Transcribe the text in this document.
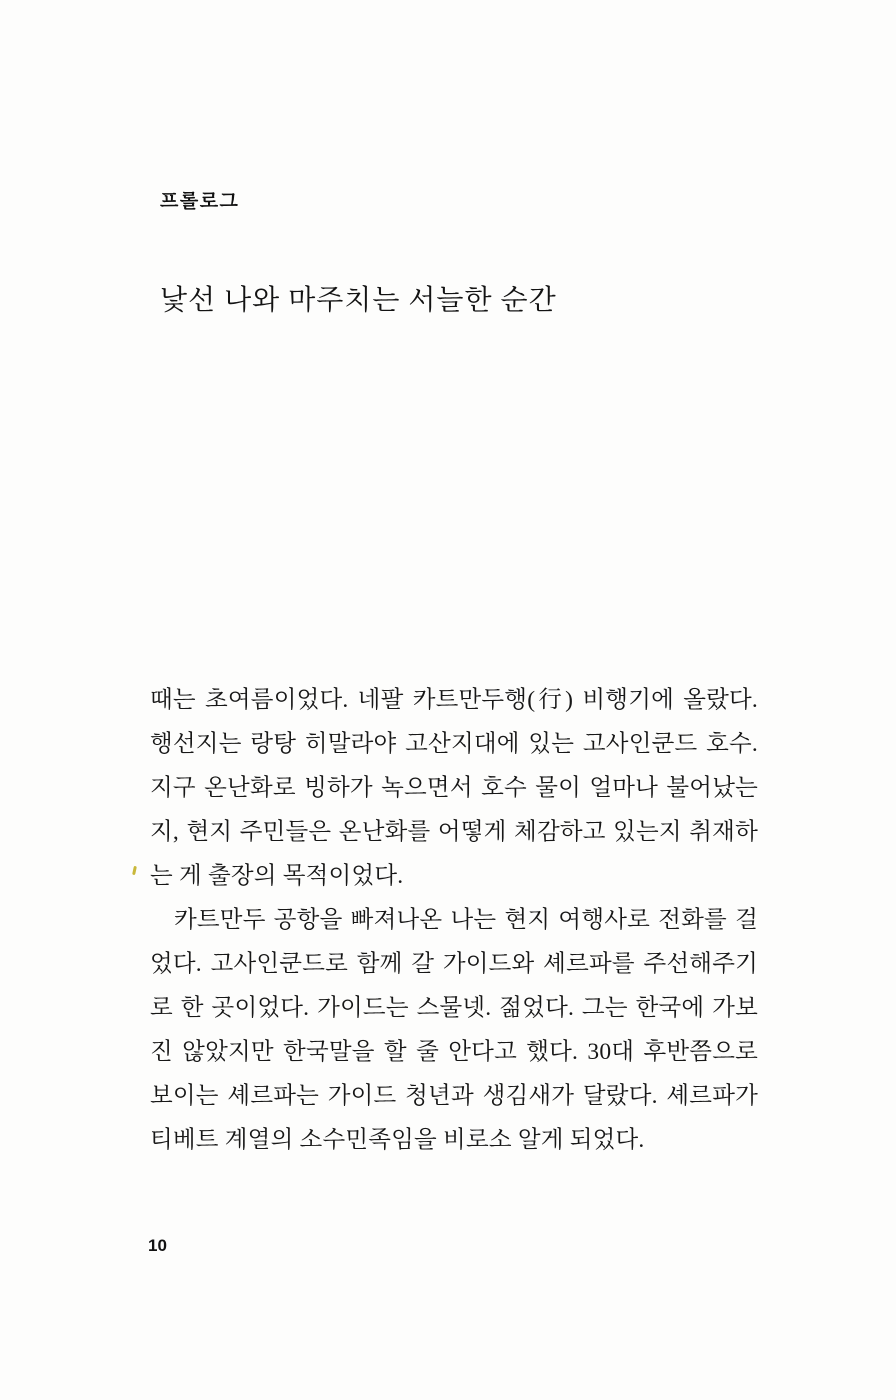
프롤로그
낯선 나와 마주치는 서늘한 순간

때는 초여름이었다. 네팔 카트만두행(行) 비행기에 올랐다. 행선지는 랑탕 히말라야 고산지대에 있는 고사인쿤드 호수. 지구 온난화로 빙하가 녹으면서 호수 물이 얼마나 불어났는지, 현지 주민들은 온난화를 어떻게 체감하고 있는지 취재하는 게 출장의 목적이었다.

카트만두 공항을 빠져나온 나는 현지 여행사로 전화를 걸었다. 고사인쿤드로 함께 갈 가이드와 셰르파를 주선해주기로 한 곳이었다. 가이드는 스물넷. 젊었다. 그는 한국에 가보진 않았지만 한국말을 할 줄 안다고 했다. 30대 후반쯤으로 보이는 셰르파는 가이드 청년과 생김새가 달랐다. 셰르파가 티베트 계열의 소수민족임을 비로소 알게 되었다.

10
